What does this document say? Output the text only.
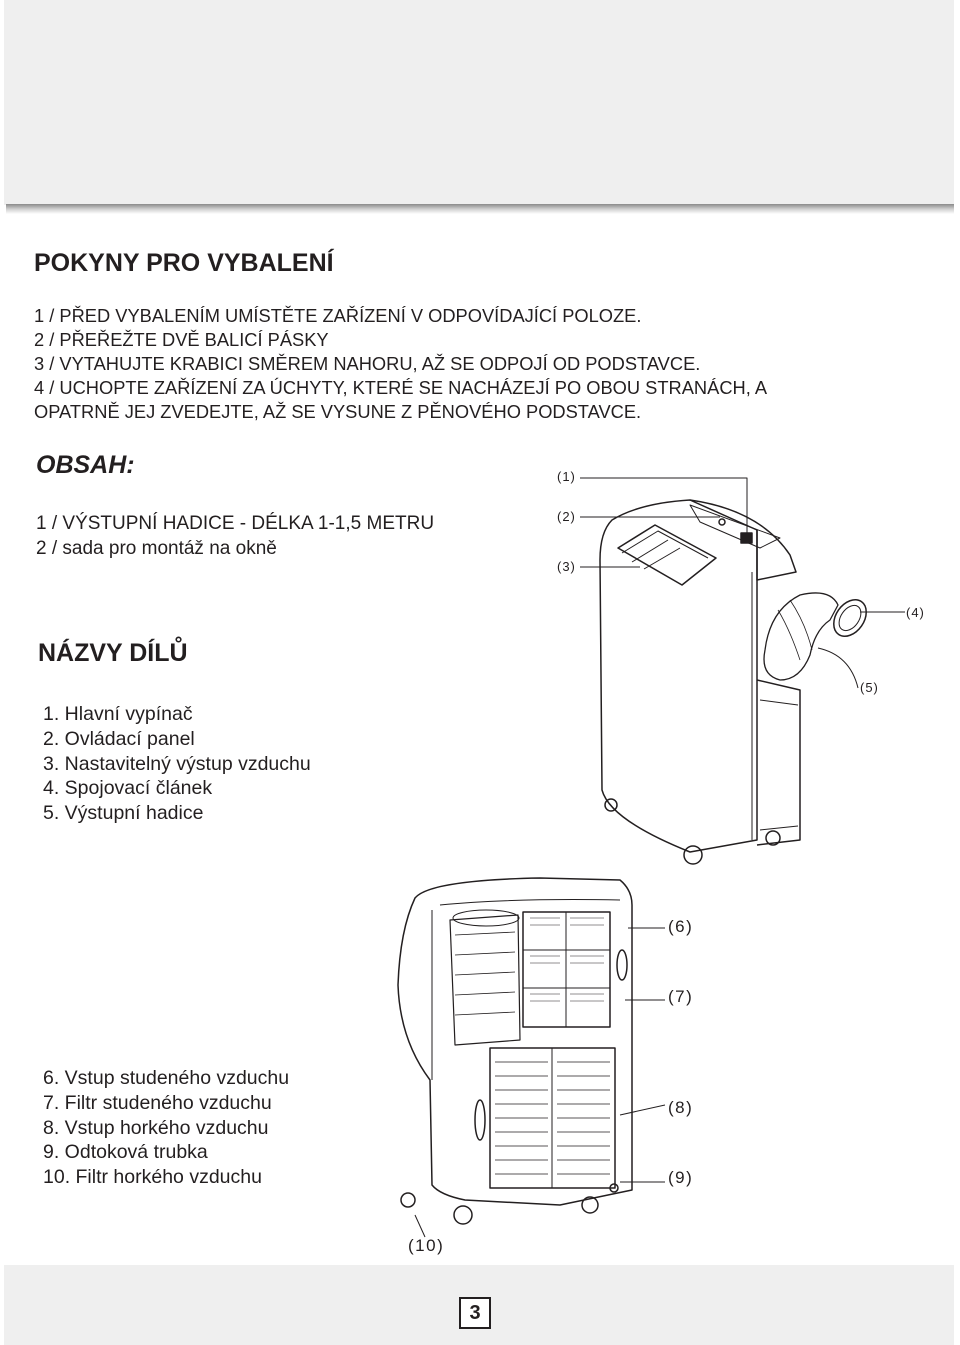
POKYNY PRO VYBALENÍ
1 / PŘED VYBALENÍM UMÍSTĚTE ZAŘÍZENÍ V ODPOVÍDAJÍCÍ POLOZE.
2 / PŘEŘEŽTE DVĚ BALICÍ PÁSKY
3 / VYTAHUJTE KRABICI SMĚREM NAHORU, AŽ SE ODPOJÍ OD PODSTAVCE.
4 / UCHOPTE ZAŘÍZENÍ ZA ÚCHYTY, KTERÉ SE NACHÁZEJÍ PO OBOU STRANÁCH, A
OPATRNĚ JEJ ZVEDEJTE, AŽ SE VYSUNE Z PĚNOVÉHO PODSTAVCE.
OBSAH:
1 / VÝSTUPNÍ HADICE - DÉLKA 1-1,5 METRU
2 / sada pro montáž na okně
NÁZVY DÍLŮ
1. Hlavní vypínač
2. Ovládací panel
3. Nastavitelný výstup vzduchu
4. Spojovací článek
5. Výstupní hadice
6. Vstup studeného vzduchu
7. Filtr studeného vzduchu
8. Vstup horkého vzduchu
9. Odtoková trubka
10. Filtr horkého vzduchu
(1)
(2)
(3)
(4)
(5)
(6)
(7)
(8)
(9)
(10)
3
